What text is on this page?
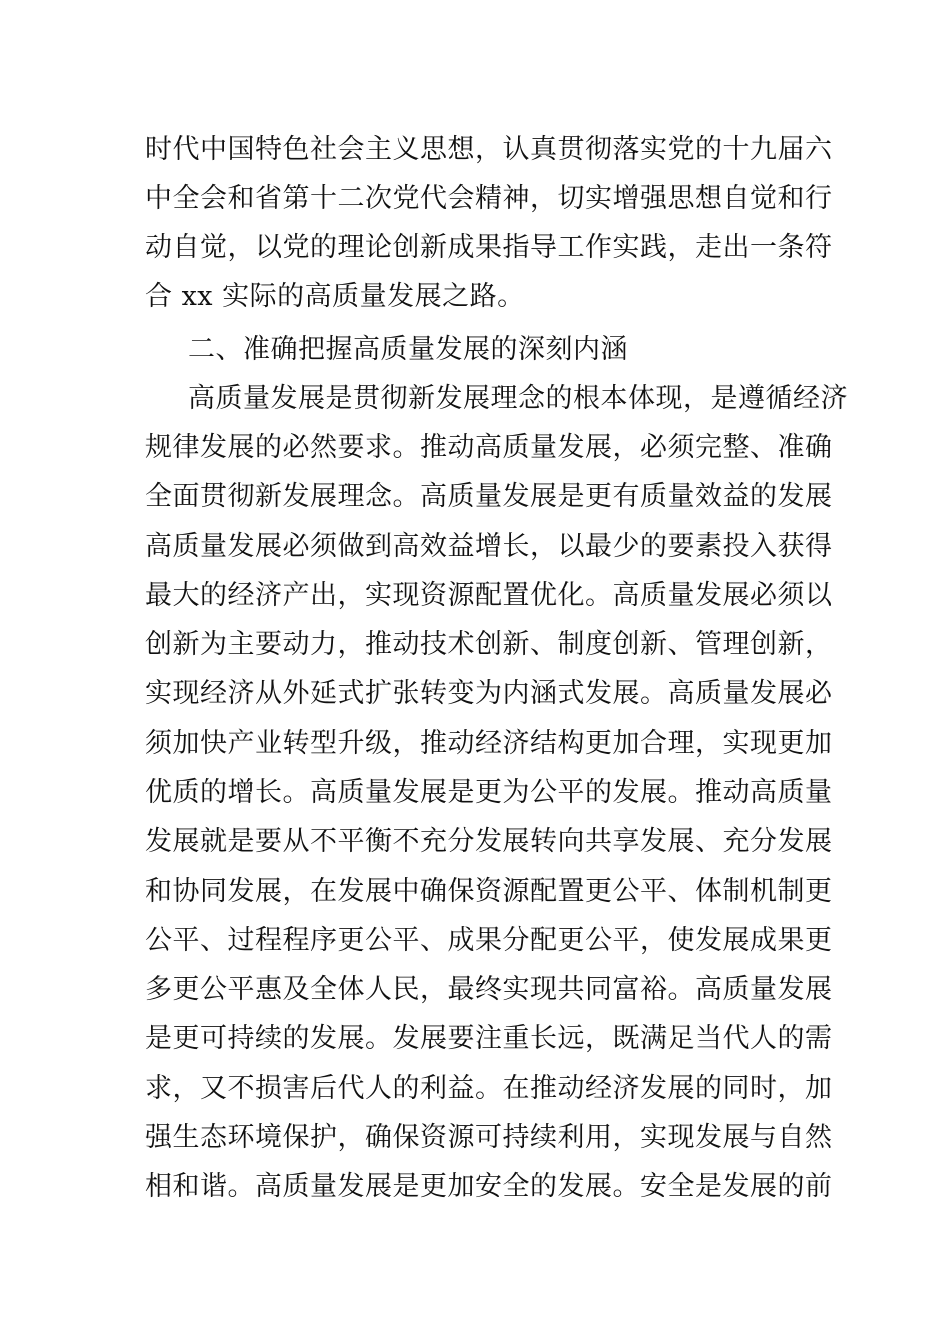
时代中国特色社会主义思想，认真贯彻落实党的十九届六
中全会和省第十二次党代会精神，切实增强思想自觉和行
动自觉，以党的理论创新成果指导工作实践，走出一条符
合 xx 实际的高质量发展之路。
二、准确把握高质量发展的深刻内涵
高质量发展是贯彻新发展理念的根本体现，是遵循经济
规律发展的必然要求。推动高质量发展，必须完整、准确
全面贯彻新发展理念。高质量发展是更有质量效益的发展
高质量发展必须做到高效益增长，以最少的要素投入获得
最大的经济产出，实现资源配置优化。高质量发展必须以
创新为主要动力，推动技术创新、制度创新、管理创新，
实现经济从外延式扩张转变为内涵式发展。高质量发展必
须加快产业转型升级，推动经济结构更加合理，实现更加
优质的增长。高质量发展是更为公平的发展。推动高质量
发展就是要从不平衡不充分发展转向共享发展、充分发展
和协同发展，在发展中确保资源配置更公平、体制机制更
公平、过程程序更公平、成果分配更公平，使发展成果更
多更公平惠及全体人民，最终实现共同富裕。高质量发展
是更可持续的发展。发展要注重长远，既满足当代人的需
求，又不损害后代人的利益。在推动经济发展的同时，加
强生态环境保护，确保资源可持续利用，实现发展与自然
相和谐。高质量发展是更加安全的发展。安全是发展的前
